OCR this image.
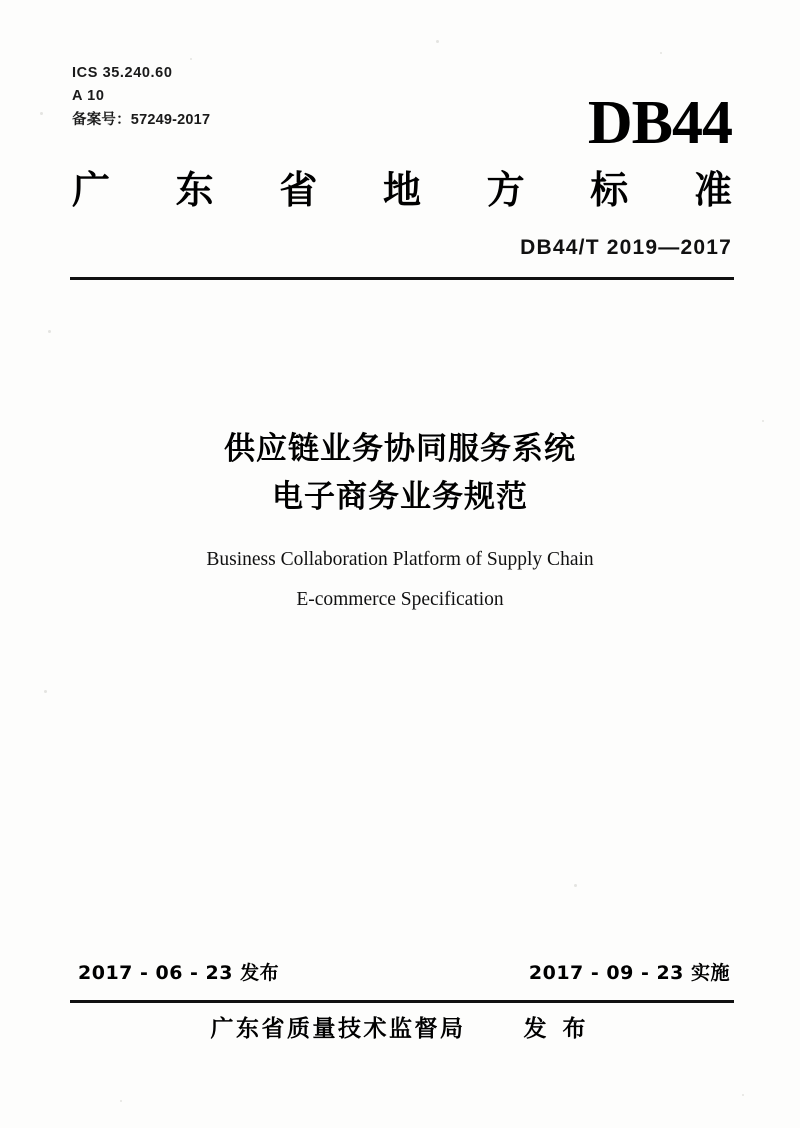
ICS 35.240.60
A 10
备案号：57249-2017	DB44
广 东 省 地 方 标 准
DB44/T 2019—2017
供应链业务协同服务系统
电子商务业务规范
Business Collaboration Platform of Supply Chain
E-commerce Specification
2017 - 06 - 23 发布	2017 - 09 - 23 实施
广东省质量技术监督局	发 布
